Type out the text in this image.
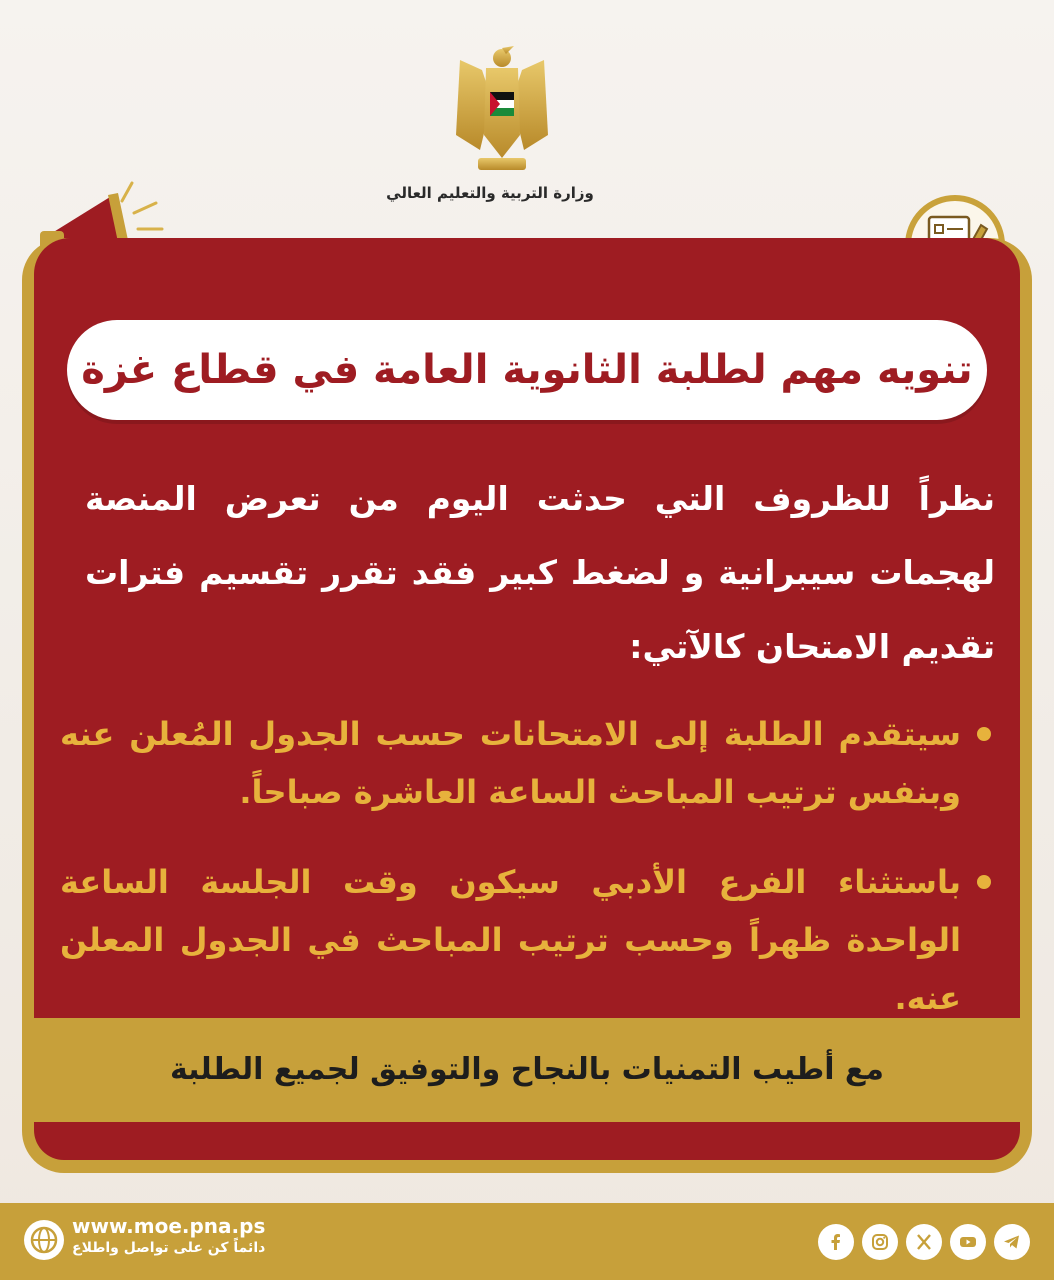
وزارة التربية والتعليم العالي
تنويه مهم لطلبة الثانوية العامة في قطاع غزة
نظراً للظروف التي حدثت اليوم من تعرض المنصة لهجمات سيبرانية و لضغط كبير فقد تقرر تقسيم فترات تقديم الامتحان كالآتي:
سيتقدم الطلبة إلى الامتحانات حسب الجدول المُعلن عنه وبنفس ترتيب المباحث الساعة العاشرة صباحاً.
باستثناء الفرع الأدبي سيكون وقت الجلسة الساعة الواحدة ظهراً وحسب ترتيب المباحث في الجدول المعلن عنه.
مع أطيب التمنيات بالنجاح والتوفيق لجميع الطلبة
www.moe.pna.ps
دائماً كن على تواصل واطلاع
